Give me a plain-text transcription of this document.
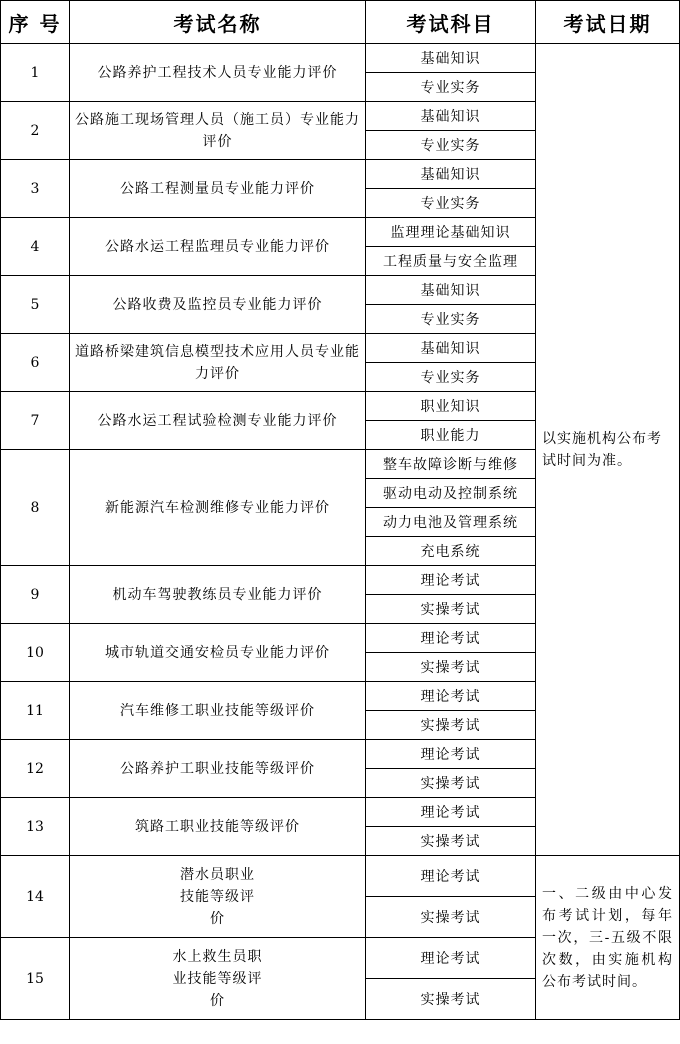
序 号	考试名称	考试科目	考试日期
1	公路养护工程技术人员专业能力评价	基础知识	以实施机构公布考试时间为准。
		专业实务	
2	公路施工现场管理人员（施工员）专业能力评价	基础知识	
		专业实务	
3	公路工程测量员专业能力评价	基础知识	
		专业实务	
4	公路水运工程监理员专业能力评价	监理理论基础知识	
		工程质量与安全监理	
5	公路收费及监控员专业能力评价	基础知识	
		专业实务	
6	道路桥梁建筑信息模型技术应用人员专业能力评价	基础知识	
		专业实务	
7	公路水运工程试验检测专业能力评价	职业知识	
		职业能力	
8	新能源汽车检测维修专业能力评价	整车故障诊断与维修	
		驱动电动及控制系统	
		动力电池及管理系统	
		充电系统	
9	机动车驾驶教练员专业能力评价	理论考试	
		实操考试	
10	城市轨道交通安检员专业能力评价	理论考试	
		实操考试	
11	汽车维修工职业技能等级评价	理论考试	
		实操考试	
12	公路养护工职业技能等级评价	理论考试	
		实操考试	
13	筑路工职业技能等级评价	理论考试	
		实操考试	
14	潜水员职业技能等级评价	理论考试	一、二级由中心发布考试计划，每年一次，三-五级不限次数，由实施机构公布考试时间。
		实操考试	
15	水上救生员职业技能等级评价	理论考试	
		实操考试	
